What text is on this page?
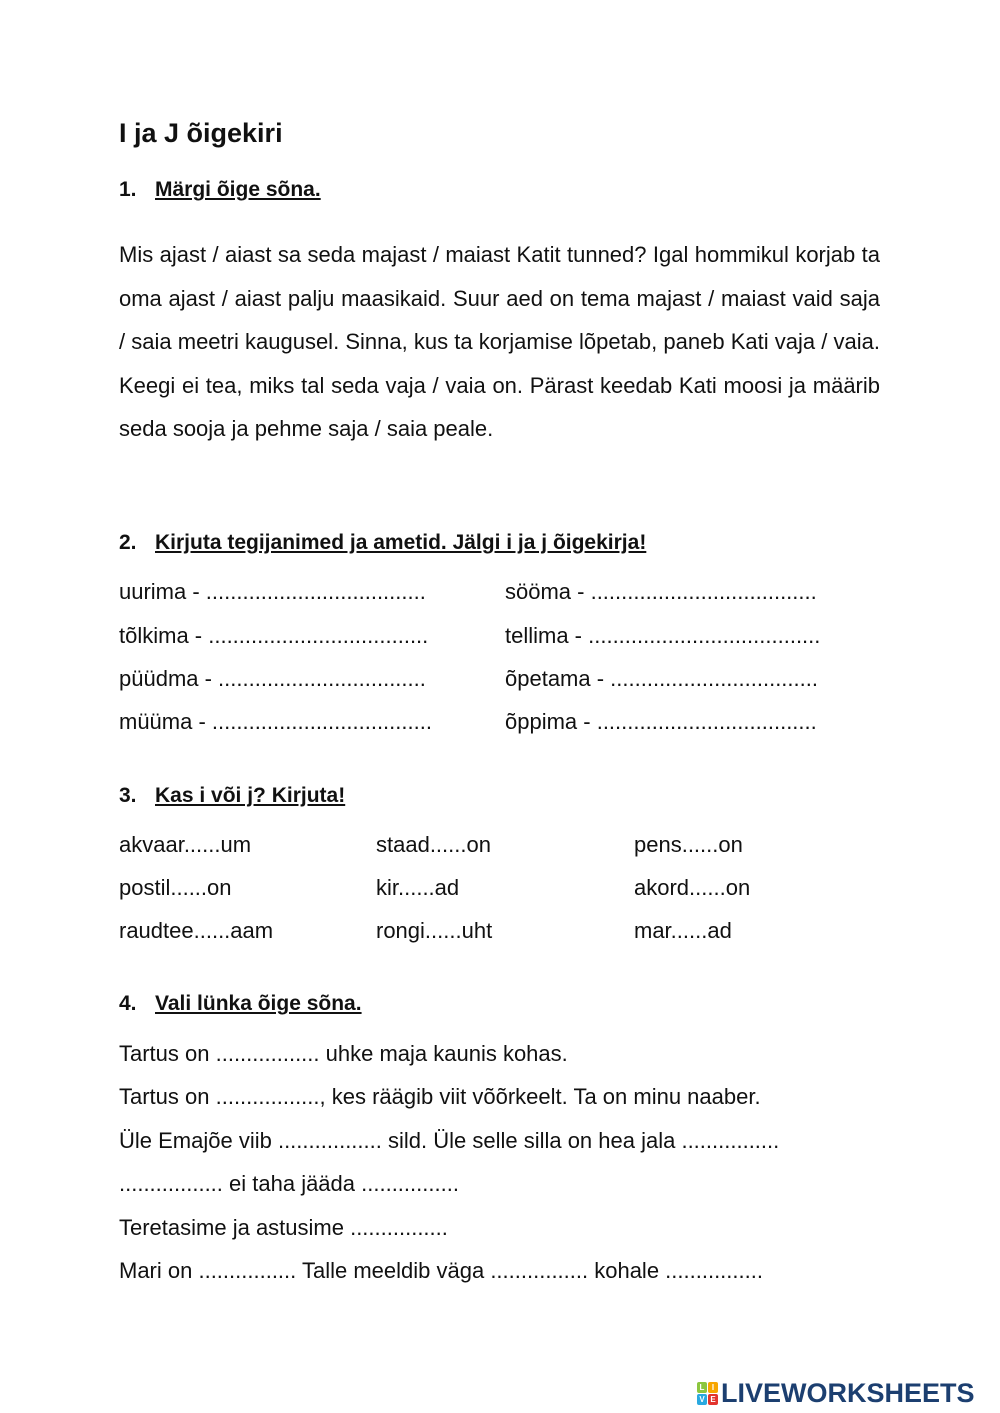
I ja J õigekiri
1. Märgi õige sõna.

Mis ajast / aiast sa seda majast / maiast Katit tunned? Igal hommikul korjab ta oma ajast / aiast palju maasikaid. Suur aed on tema majast / maiast vaid saja / saia meetri kaugusel. Sinna, kus ta korjamise lõpetab, paneb Kati vaja / vaia. Keegi ei tea, miks tal seda vaja / vaia on. Pärast keedab Kati moosi ja määrib seda sooja ja pehme saja / saia peale.

2. Kirjuta tegijanimed ja ametid. Jälgi i ja j õigekirja!
uurima - ....................................	sööma - .....................................
tõlkima - ....................................	tellima - ......................................
püüdma - ..................................	õpetama - ..................................
müüma - ....................................	õppima - ....................................
3. Kas i või j? Kirjuta!
akvaar......um	staad......on	pens......on
postil......on	kir......ad	akord......on
raudtee......aam	rongi......uht	mar......ad
4. Vali lünka õige sõna.
Tartus on ................. uhke maja kaunis kohas.
Tartus on ................., kes räägib viit võõrkeelt. Ta on minu naaber.
Üle Emajõe viib ................. sild. Üle selle silla on hea jala ................
................. ei taha jääda ................
Teretasime ja astusime ................
Mari on ................ Talle meeldib väga ................ kohale ................
L I
V E LIVEWORKSHEETS
